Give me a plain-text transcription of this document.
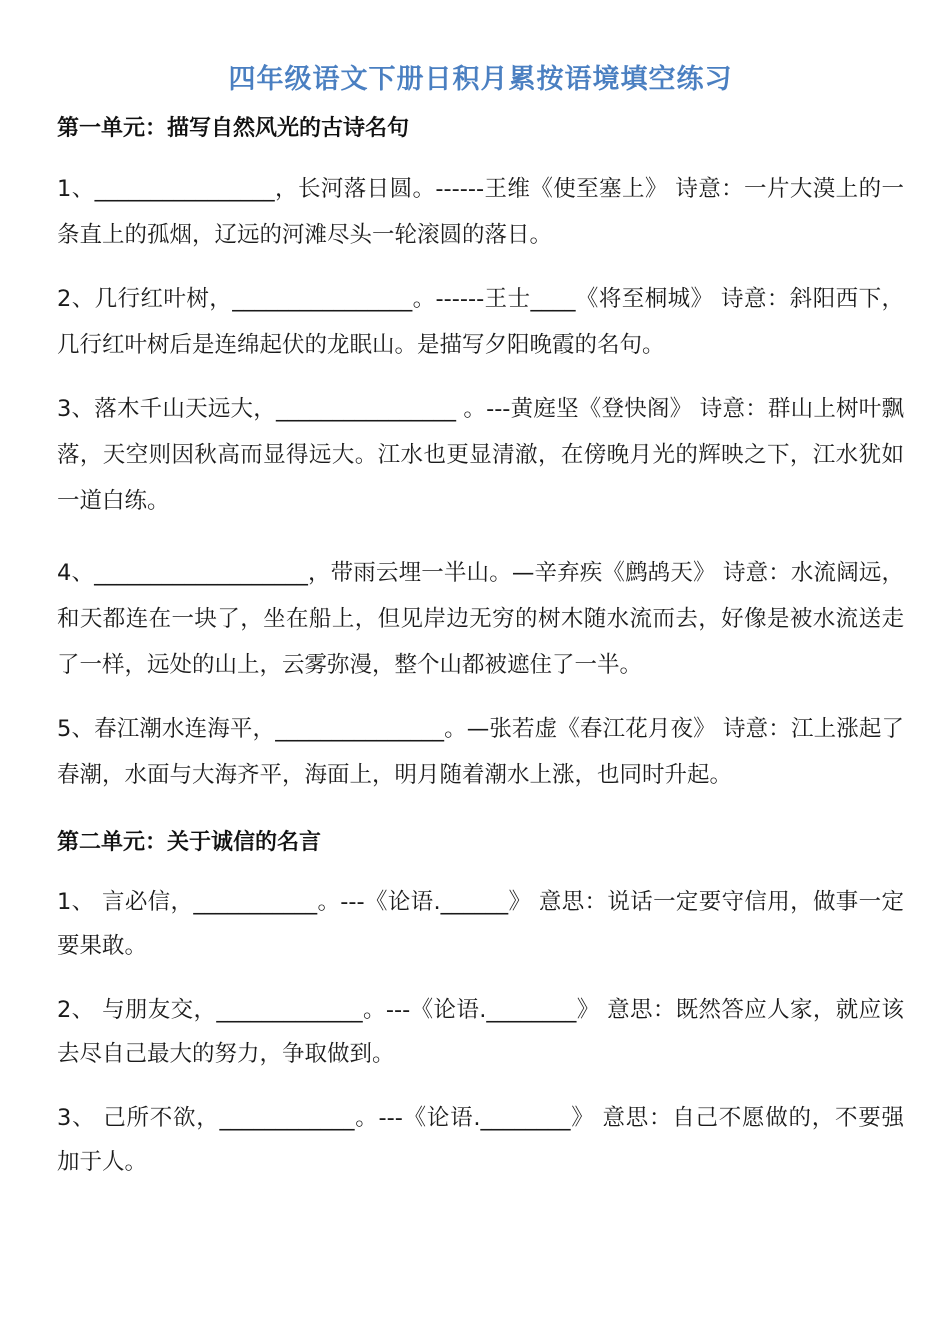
四年级语文下册日积月累按语境填空练习
第一单元：描写自然风光的古诗名句

1、________________，长河落日圆。------王维《使至塞上》 诗意：一片大漠上的一条直上的孤烟，辽远的河滩尽头一轮滚圆的落日。

2、几行红叶树，________________。------王士____《将至桐城》 诗意：斜阳西下，几行红叶树后是连绵起伏的龙眠山。是描写夕阳晚霞的名句。

3、落木千山天远大，________________ 。---黄庭坚《登快阁》 诗意：群山上树叶飘落，天空则因秋高而显得远大。江水也更显清澈，在傍晚月光的辉映之下，江水犹如一道白练。

4、___________________，带雨云埋一半山。—辛弃疾《鹧鸪天》 诗意：水流阔远，和天都连在一块了，坐在船上，但见岸边无穷的树木随水流而去，好像是被水流送走了一样，远处的山上，云雾弥漫，整个山都被遮住了一半。

5、春江潮水连海平，_______________。—张若虚《春江花月夜》 诗意：江上涨起了春潮，水面与大海齐平，海面上，明月随着潮水上涨，也同时升起。

第二单元：关于诚信的名言

1、 言必信，___________。---《论语.______》 意思：说话一定要守信用，做事一定要果敢。

2、 与朋友交，_____________。---《论语.________》 意思：既然答应人家，就应该去尽自己最大的努力，争取做到。

3、 己所不欲，____________。---《论语.________》 意思：自己不愿做的，不要强加于人。
